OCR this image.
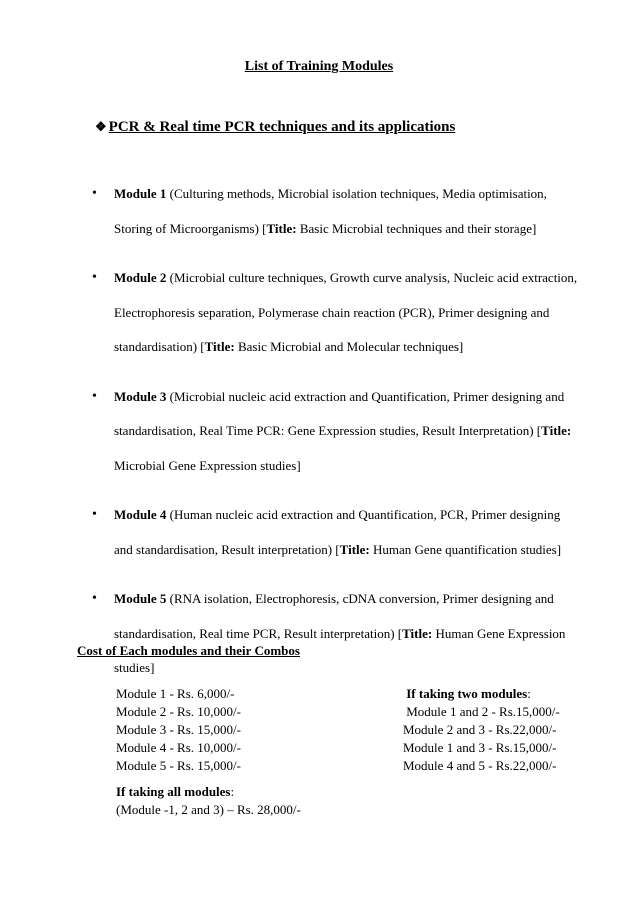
List of Training Modules
❖ PCR & Real time PCR techniques and its applications
• Module 1 (Culturing methods, Microbial isolation techniques, Media optimisation, Storing of Microorganisms) [Title: Basic Microbial techniques and their storage]
• Module 2 (Microbial culture techniques, Growth curve analysis, Nucleic acid extraction, Electrophoresis separation, Polymerase chain reaction (PCR), Primer designing and standardisation) [Title: Basic Microbial and Molecular techniques]
• Module 3 (Microbial nucleic acid extraction and Quantification, Primer designing and standardisation, Real Time PCR: Gene Expression studies, Result Interpretation) [Title: Microbial Gene Expression studies]
• Module 4 (Human nucleic acid extraction and Quantification, PCR, Primer designing and standardisation, Result interpretation) [Title: Human Gene quantification studies]
• Module 5 (RNA isolation, Electrophoresis, cDNA conversion, Primer designing and standardisation, Real time PCR, Result interpretation) [Title: Human Gene Expression studies]
Cost of Each modules and their Combos
Module 1 - Rs. 6,000/-
Module 2 - Rs. 10,000/-
Module 3 - Rs. 15,000/-
Module 4 - Rs. 10,000/-
Module 5 - Rs. 15,000/-
If taking two modules:
Module 1 and 2 - Rs.15,000/-
Module 2 and 3 - Rs.22,000/-
Module 1 and 3 - Rs.15,000/-
Module 4 and 5 - Rs.22,000/-
If taking all modules:
(Module -1, 2 and 3) – Rs. 28,000/-
